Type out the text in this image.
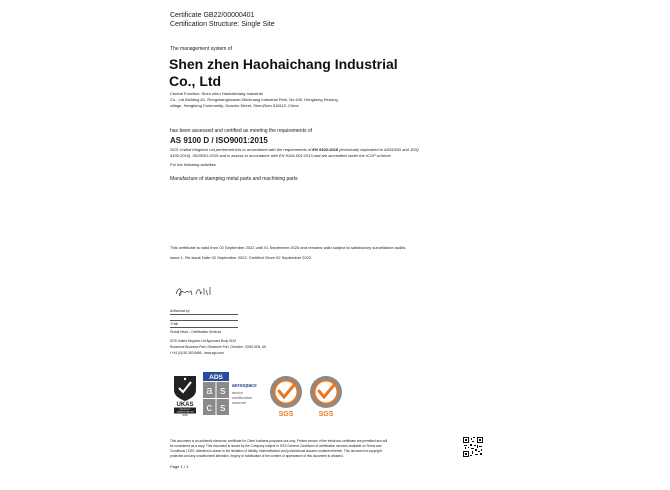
Certificate GB22/00000401
Certification Structure: Single Site
The management system of
Shen zhen Haohaichang Industrial
Co., Ltd
Central Function: Shen zhen Haohaichang Industrial
Co., Ltd Building A1, Rongchanghuawei Zhichuang Industrial Park, No.440, Hengkeng Hedong
village, Hengkeng Community, Guanhu Street, ShenZhen 518110, China
has been assessed and certified as meeting the requirements of
AS 9100 D / ISO9001:2015
SGS United Kingdom Ltd performed this in accordance with the requirements of EN 9100:2018 (technically equivalent to AS9100D and JISQ
9100:2016), ISO9001:2015 and is assess in accordance with EN 9104-001:2013 and are accredited under the ICOP scheme.
For the following activities
Manufacture of stamping metal parts and machining parts
This certificate is valid from 02 September 2022 until 01 September 2025 and remains valid subject to satisfactory surveillance audits.
Issue 1. Re-issue Date 02 September 2022. Certified Since 02 September 2022.
Authorised by
J Hall
Global Head – Certification Services
SGS United Kingdom Ltd Approved Body 0120
Rossmore Business Park, Ellesmere Port, Cheshire, CH65 3EN, UK
t +44 (0)151 350 6666 - www.sgs.com
UKAS
PRODUCT
CERTIFICATION
0005
ADS
a s
c s
aerospace
sector
certification
scheme
SGS	SGS
This document is an authentic electronic certificate for Client business purposes use only. Printed version of the electronic certificate are permitted and will
be considered as a copy. This document is issued by the Company subject to SGS General Conditions of certification services available on Terms and
Conditions | SGS. Attention is drawn to the limitation of liability, indemnification and jurisdictional clauses contained therein. This document is copyright
protected and any unauthorized alteration, forgery or falsification of the content or appearance of this document is unlawful.
Page 1 / 1
